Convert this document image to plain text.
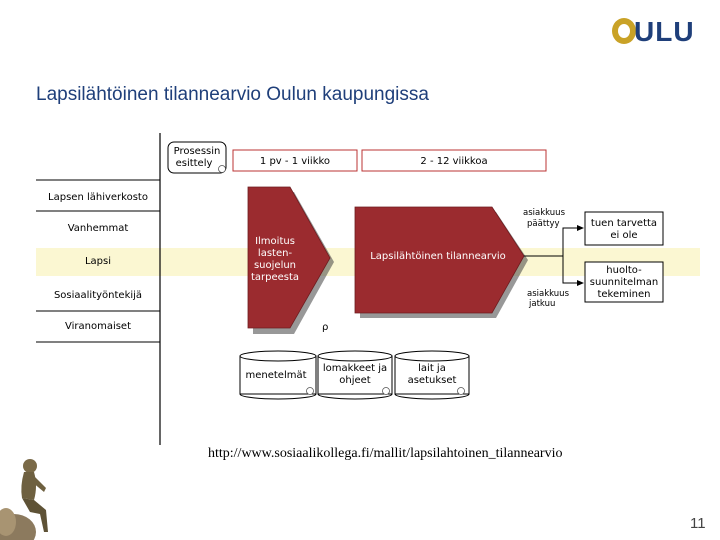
ULU
Lapsilähtöinen tilannearvio Oulun kaupungissa
Lapsen lähiverkosto
Vanhemmat
Lapsi
Sosiaalityöntekijä
Viranomaiset
Prosessin
esittely	1 pv - 1 viikko	2 - 12 viikkoa
Ilmoitus
lasten-
suojelun
tarpeesta
Lapsilähtöinen tilannearvio
asiakkuus
päättyy
asiakkuus
jatkuu
tuen tarvetta
ei ole
huolto-
suunnitelman
tekeminen
ρ
menetelmät
lomakkeet ja
ohjeet
lait ja
asetukset
http://www.sosiaalikollega.fi/mallit/lapsilahtoinen_tilannearvio
11
